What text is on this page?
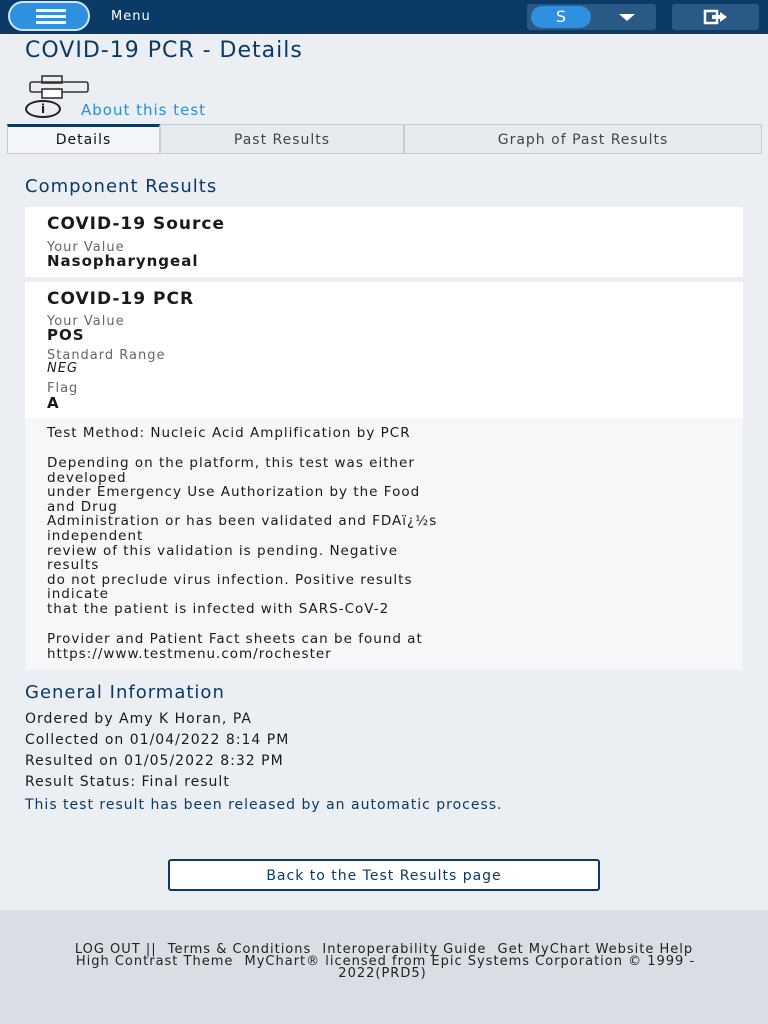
Menu	S
COVID-19 PCR - Details
i	About this test
Details	Past Results	Graph of Past Results
Component Results
COVID-19 Source
Your Value
Nasopharyngeal
COVID-19 PCR
Your Value
POS
Standard Range
NEG
Flag
A
Test Method: Nucleic Acid Amplification by PCR
Depending on the platform, this test was either
developed
under Emergency Use Authorization by the Food
and Drug
Administration or has been validated and FDAï¿½s
independent
review of this validation is pending. Negative
results
do not preclude virus infection. Positive results
indicate
that the patient is infected with SARS-CoV-2
Provider and Patient Fact sheets can be found at
https://www.testmenu.com/rochester
General Information
Ordered by Amy K Horan, PA
Collected on 01/04/2022 8:14 PM
Resulted on 01/05/2022 8:32 PM
Result Status: Final result
This test result has been released by an automatic process.
Back to the Test Results page
LOG OUT || Terms & Conditions Interoperability Guide Get MyChart Website Help High Contrast Theme MyChart® licensed from Epic Systems Corporation © 1999 - 2022(PRD5)
